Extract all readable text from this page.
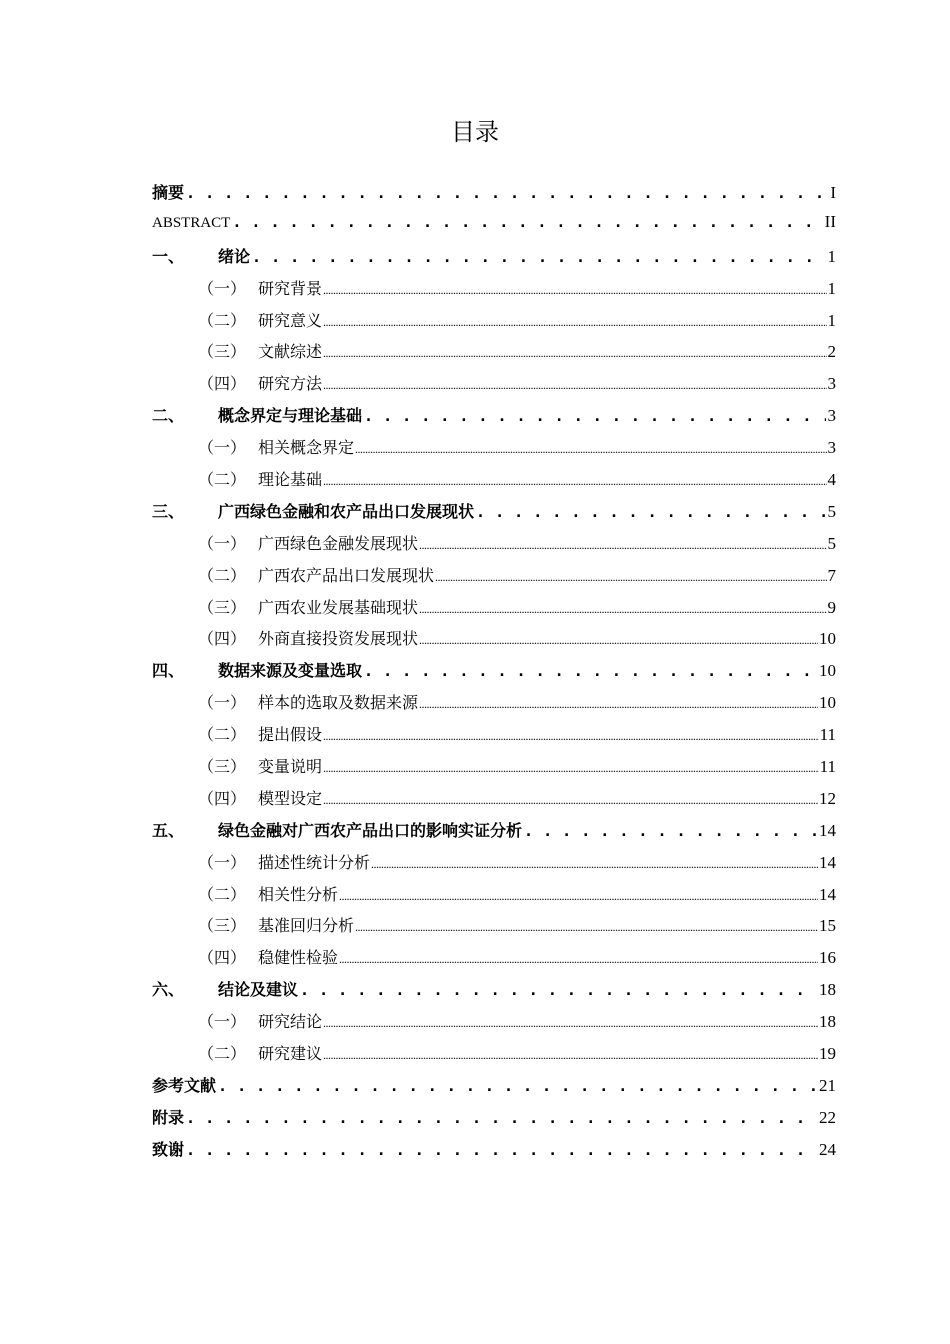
目录
摘要 . . .	I
ABSTRACT . . .	II
一、	绪论 . . .	1
（一） 研究背景 .....	1
（二） 研究意义 .....	1
（三） 文献综述 .....	2
（四） 研究方法 .....	3
二、	概念界定与理论基础 . . .	3
（一） 相关概念界定 .....	3
（二） 理论基础 .....	4
三、	广西绿色金融和农产品出口发展现状 . . .	5
（一） 广西绿色金融发展现状 .....	5
（二） 广西农产品出口发展现状 .....	7
（三） 广西农业发展基础现状 .....	9
（四） 外商直接投资发展现状 .....	10
四、	数据来源及变量选取 . . .	10
（一） 样本的选取及数据来源 .....	10
（二） 提出假设 .....	11
（三） 变量说明 .....	11
（四） 模型设定 .....	12
五、	绿色金融对广西农产品出口的影响实证分析 . . .	14
（一） 描述性统计分析 .....	14
（二） 相关性分析 .....	14
（三） 基准回归分析 .....	15
（四） 稳健性检验 .....	16
六、	结论及建议 . . .	18
（一） 研究结论 .....	18
（二） 研究建议 .....	19
参考文献 . . .	21
附录 . . .	22
致谢 . . .	24
